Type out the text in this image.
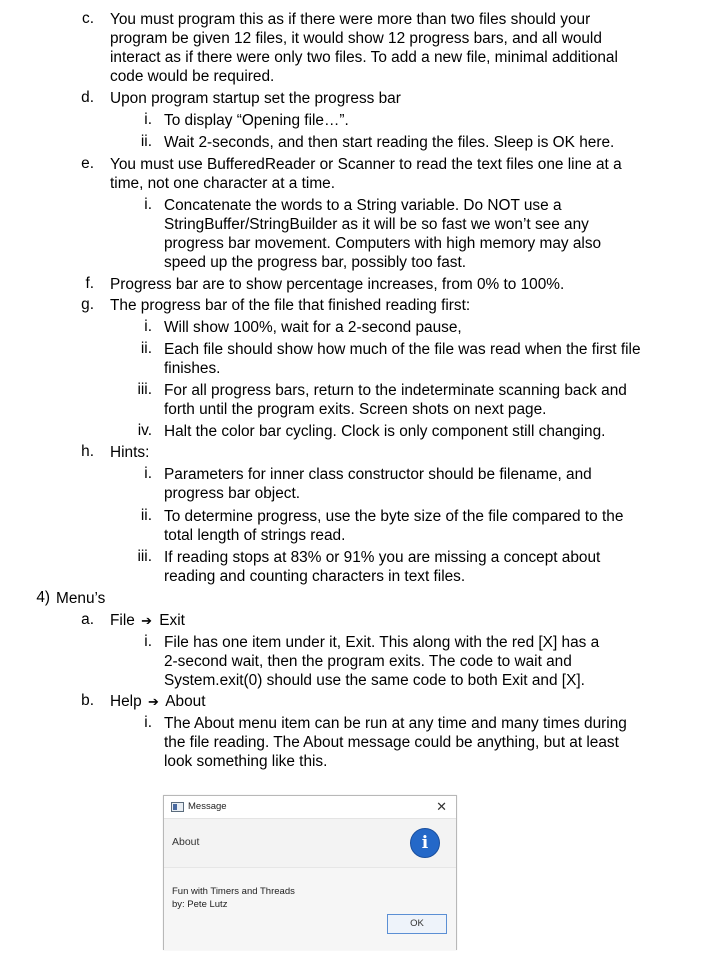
c. You must program this as if there were more than two files should your
program be given 12 files, it would show 12 progress bars, and all would
interact as if there were only two files. To add a new file, minimal additional
code would be required.
d. Upon program startup set the progress bar
i. To display “Opening file…”.
ii. Wait 2-seconds, and then start reading the files. Sleep is OK here.
e. You must use BufferedReader or Scanner to read the text files one line at a
time, not one character at a time.
i. Concatenate the words to a String variable. Do NOT use a
StringBuffer/StringBuilder as it will be so fast we won’t see any
progress bar movement. Computers with high memory may also
speed up the progress bar, possibly too fast.
f. Progress bar are to show percentage increases, from 0% to 100%.
g. The progress bar of the file that finished reading first:
i. Will show 100%, wait for a 2-second pause,
ii. Each file should show how much of the file was read when the first file
finishes.
iii. For all progress bars, return to the indeterminate scanning back and
forth until the program exits. Screen shots on next page.
iv. Halt the color bar cycling. Clock is only component still changing.
h. Hints:
i. Parameters for inner class constructor should be filename, and
progress bar object.
ii. To determine progress, use the byte size of the file compared to the
total length of strings read.
iii. If reading stops at 83% or 91% you are missing a concept about
reading and counting characters in text files.
4) Menu’s
a. File ➔ Exit
i. File has one item under it, Exit. This along with the red [X] has a
2-second wait, then the program exits. The code to wait and
System.exit(0) should use the same code to both Exit and [X].
b. Help ➔ About
i. The About menu item can be run at any time and many times during
the file reading. The About message could be anything, but at least
look something like this.
Message	✕
About	i
Fun with Timers and Threads
by: Pete Lutz
OK
